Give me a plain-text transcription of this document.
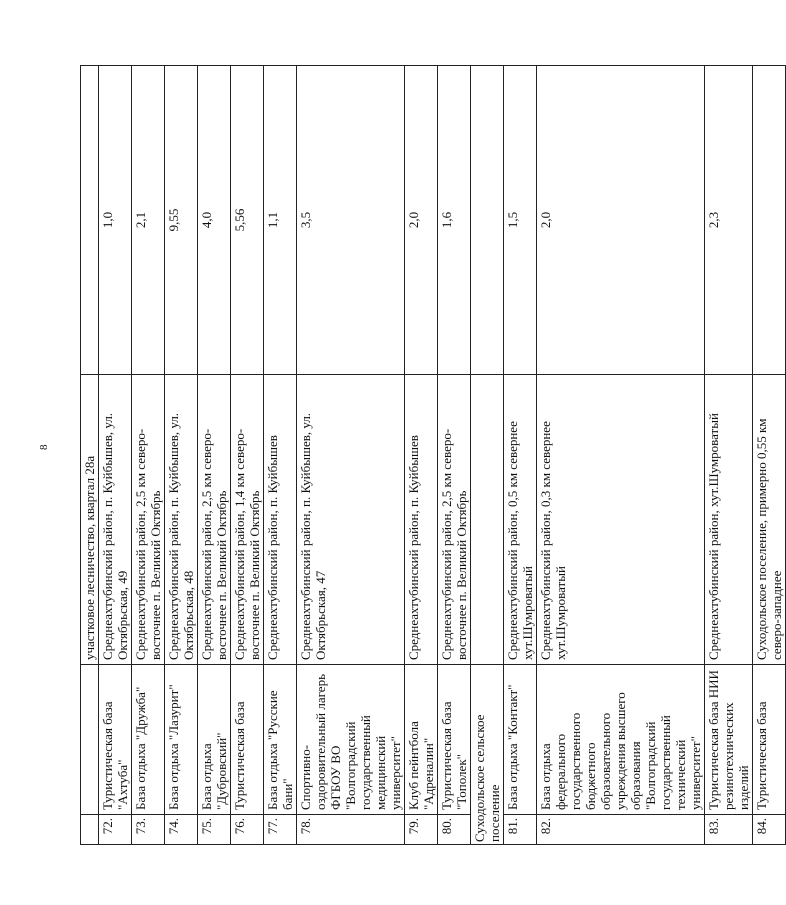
8
		участковое лесничество, квартал 28а	
72.	Туристическая база "Ахтуба"	Среднеахтубинский район, п. Куйбышев, ул. Октябрьская, 49	1,0
73.	База отдыха "Дружба"	Среднеахтубинский район, 2,5 км северо-восточнее п. Великий Октябрь	2,1
74.	База отдыха "Лазурит"	Среднеахтубинский район, п. Куйбышев, ул. Октябрьская, 48	9,55
75.	База отдыха "Дубровский"	Среднеахтубинский район, 2,5 км северо-восточнее п. Великий Октябрь	4,0
76.	Туристическая база	Среднеахтубинский район, 1,4 км северо-восточнее п. Великий Октябрь	5,56
77.	База отдыха "Русские бани"	Среднеахтубинский район, п. Куйбышев	1,1
78.	Спортивно-оздоровительный лагерь ФГБОУ ВО "Волгоградский государственный медицинский университет"	Среднеахтубинский район, п. Куйбышев, ул. Октябрьская, 47	3,5
79.	Клуб пейнтбола "Адреналин"	Среднеахтубинский район, п. Куйбышев	2,0
80.	Туристическая база "Тополек"	Среднеахтубинский район, 2,5 км северо-восточнее п. Великий Октябрь	1,6
Суходольское сельское поселение			
81.	База отдыха "Контакт"	Среднеахтубинский район, 0,5 км севернее хут.Шумроватый	1,5
82.	База отдыха федерального государственного бюджетного образовательного учреждения высшего образования "Волгоградский государственный технический университет"	Среднеахтубинский район, 0,3 км севернее хут.Шумроватый	2,0
83.	Туристическая база НИИ резинотехнических изделий	Среднеахтубинский район, хут.Шумроватый	2,3
84.	Туристическая база	Суходольское поселение, примерно 0,55 км северо-западнее	
